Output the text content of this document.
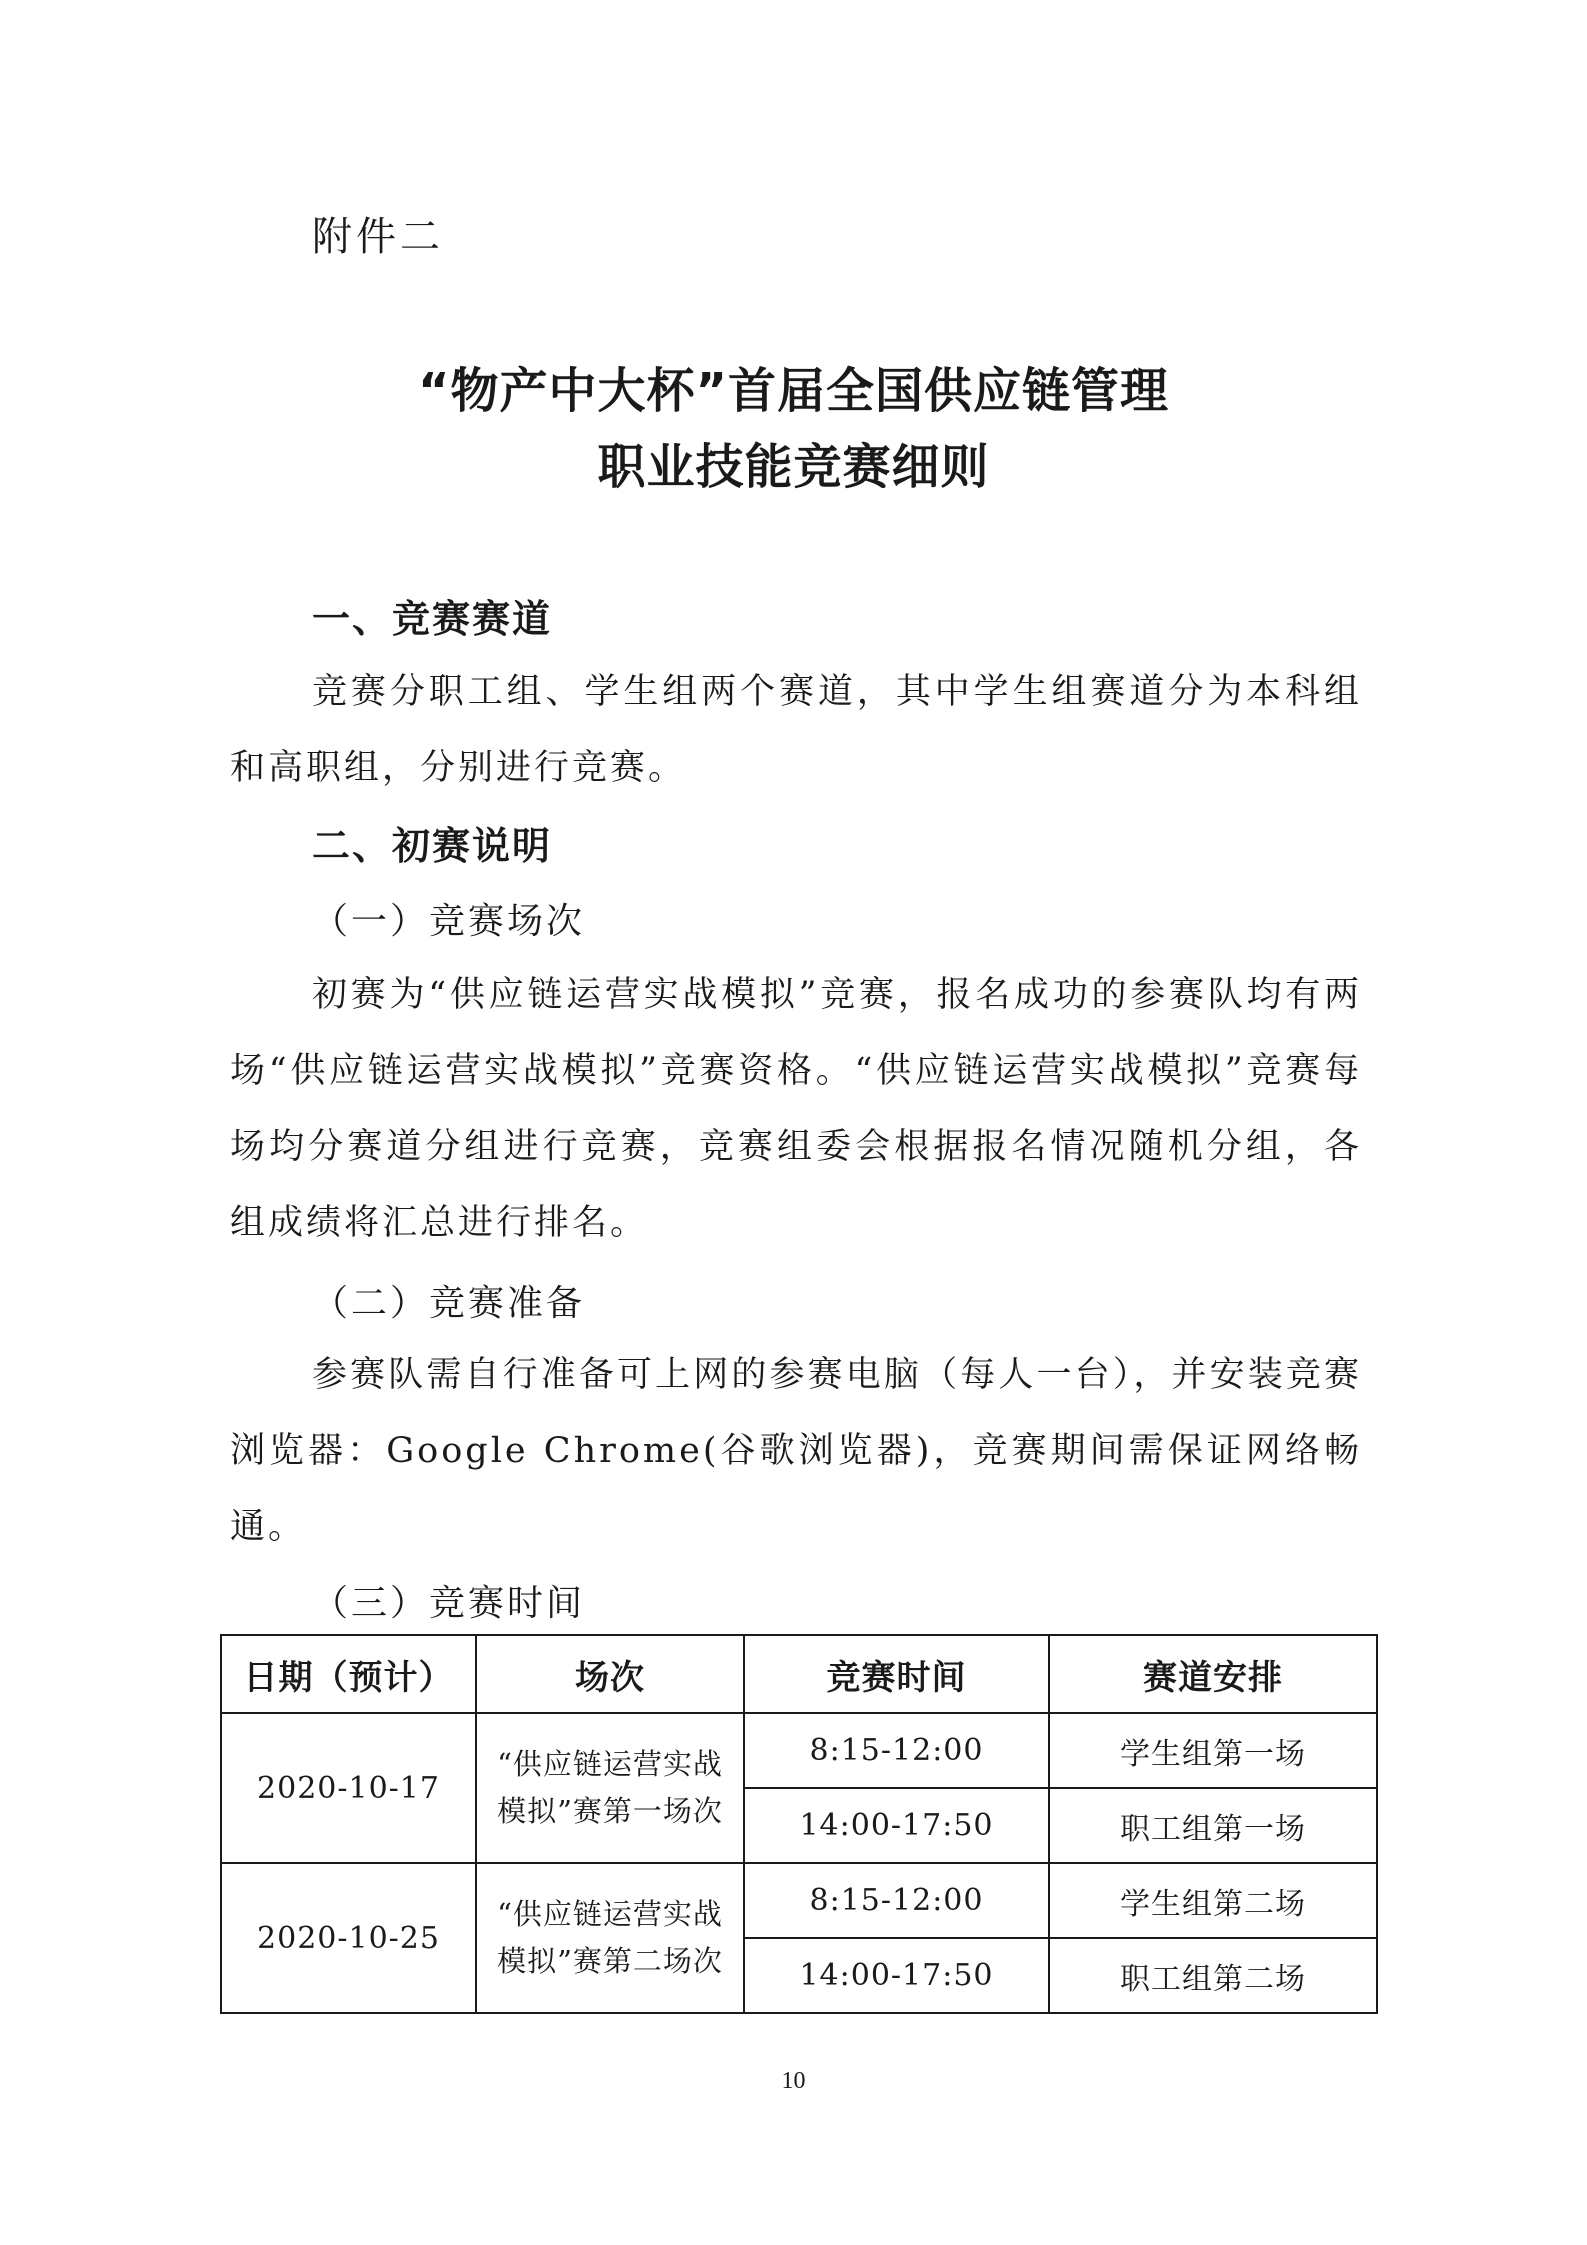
附件二
“物产中大杯”首届全国供应链管理
职业技能竞赛细则
一、竞赛赛道
竞赛分职工组、学生组两个赛道，其中学生组赛道分为本科组和高职组，分别进行竞赛。
二、初赛说明
（一）竞赛场次
初赛为“供应链运营实战模拟”竞赛，报名成功的参赛队均有两场“供应链运营实战模拟”竞赛资格。“供应链运营实战模拟”竞赛每场均分赛道分组进行竞赛，竞赛组委会根据报名情况随机分组，各组成绩将汇总进行排名。
（二）竞赛准备
参赛队需自行准备可上网的参赛电脑（每人一台），并安装竞赛浏览器：Google Chrome(谷歌浏览器)，竞赛期间需保证网络畅通。
（三）竞赛时间
日期（预计）	场次	竞赛时间	赛道安排
2020-10-17	“供应链运营实战模拟”赛第一场次	8:15-12:00	学生组第一场
		14:00-17:50	职工组第一场
2020-10-25	“供应链运营实战模拟”赛第二场次	8:15-12:00	学生组第二场
		14:00-17:50	职工组第二场
10
